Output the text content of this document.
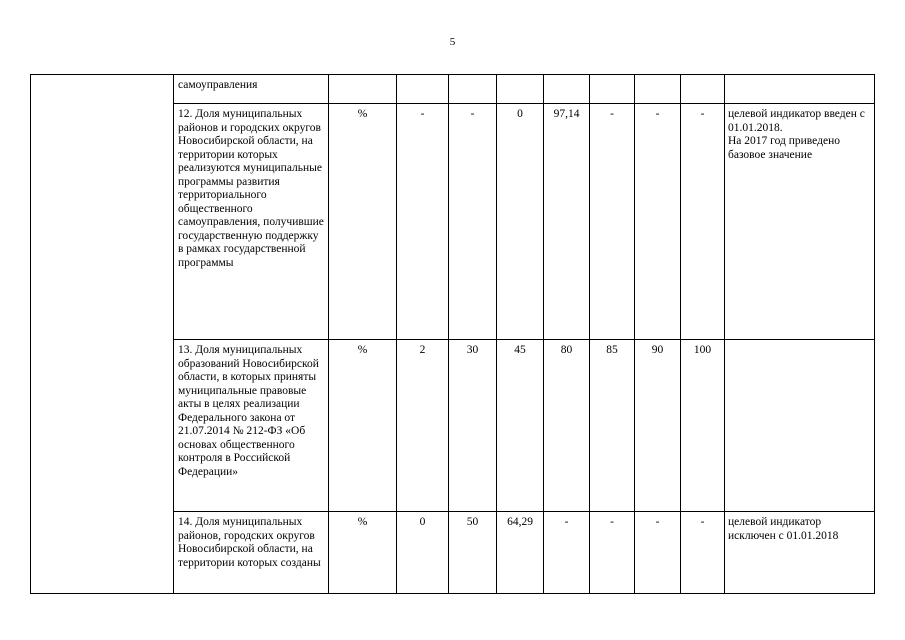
5
	самоуправления									
	12. Доля муниципальных районов и городских округов Новосибирской области, на территории которых реализуются муниципальные программы развития территориального общественного самоуправления, получившие государственную поддержку в рамках государственной программы	%	-	-	0	97,14	-	-	-	целевой индикатор введен с 01.01.2018.
На 2017 год приведено базовое значение
	13. Доля муниципальных образований Новосибирской области, в которых приняты муниципальные правовые акты в целях реализации Федерального закона от 21.07.2014 № 212-ФЗ «Об основах общественного контроля в Российской Федерации»	%	2	30	45	80	85	90	100	
	14. Доля муниципальных районов, городских округов Новосибирской области, на территории которых созданы	%	0	50	64,29	-	-	-	-	целевой индикатор исключен с 01.01.2018
